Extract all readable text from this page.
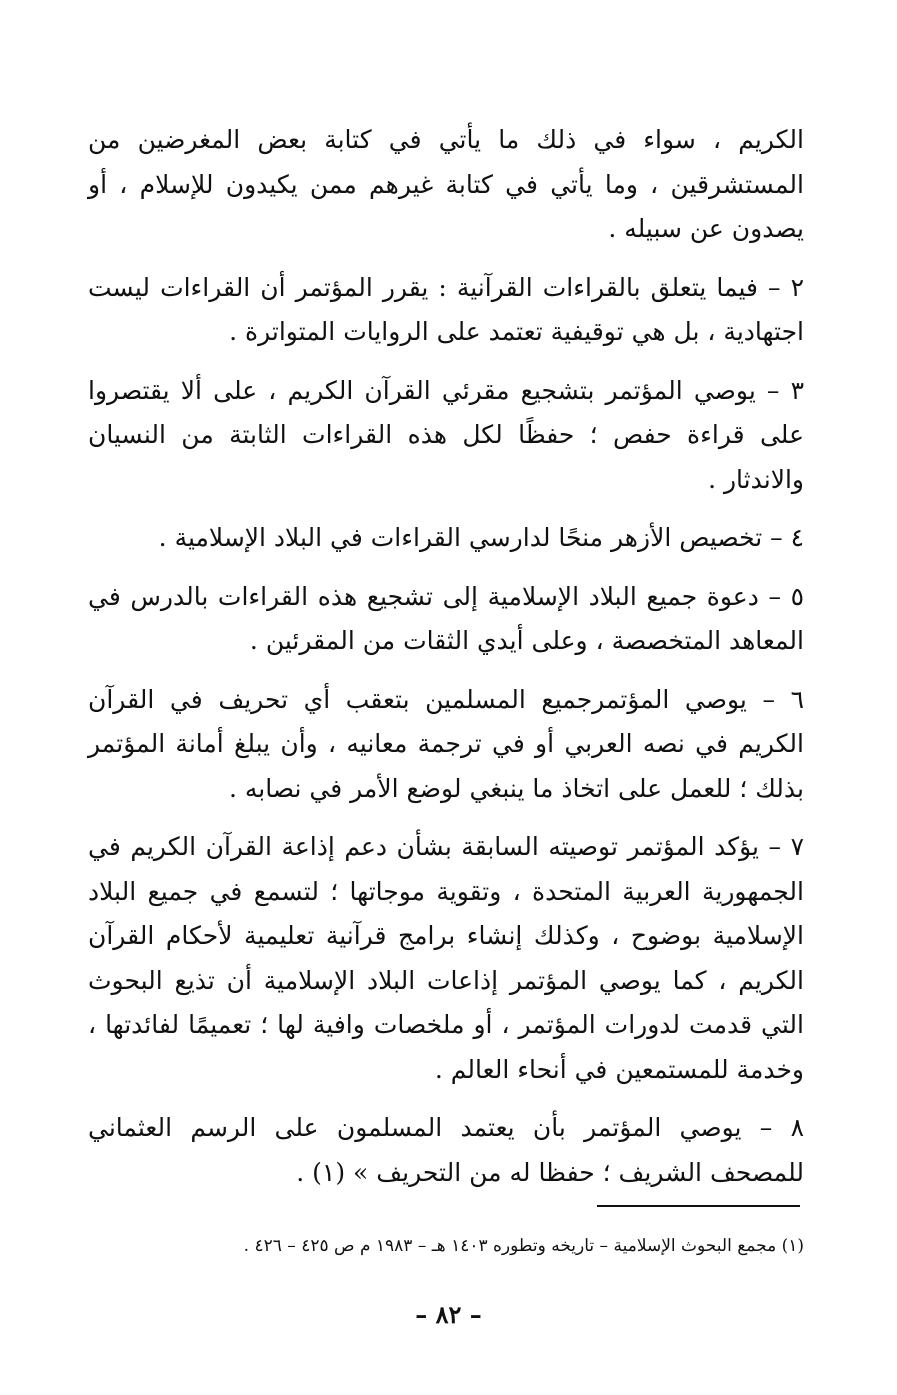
الكريم ، سواء في ذلك ما يأتي في كتابة بعض المغرضين من المستشرقين ، وما يأتي في كتابة غيرهم ممن يكيدون للإسلام ، أو يصدون عن سبيله .

٢ – فيما يتعلق بالقراءات القرآنية : يقرر المؤتمر أن القراءات ليست اجتهادية ، بل هي توقيفية تعتمد على الروايات المتواترة .

٣ – يوصي المؤتمر بتشجيع مقرئي القرآن الكريم ، على ألا يقتصروا على قراءة حفص ؛ حفظًا لكل هذه القراءات الثابتة من النسيان والاندثار .

٤ – تخصيص الأزهر منحًا لدارسي القراءات في البلاد الإسلامية .

٥ – دعوة جميع البلاد الإسلامية إلى تشجيع هذه القراءات بالدرس في المعاهد المتخصصة ، وعلى أيدي الثقات من المقرئين .

٦ – يوصي المؤتمرجميع المسلمين بتعقب أي تحريف في القرآن الكريم في نصه العربي أو في ترجمة معانيه ، وأن يبلغ أمانة المؤتمر بذلك ؛ للعمل على اتخاذ ما ينبغي لوضع الأمر في نصابه .

٧ – يؤكد المؤتمر توصيته السابقة بشأن دعم إذاعة القرآن الكريم في الجمهورية العربية المتحدة ، وتقوية موجاتها ؛ لتسمع في جميع البلاد الإسلامية بوضوح ، وكذلك إنشاء برامج قرآنية تعليمية لأحكام القرآن الكريم ، كما يوصي المؤتمر إذاعات البلاد الإسلامية أن تذيع البحوث التي قدمت لدورات المؤتمر ، أو ملخصات وافية لها ؛ تعميمًا لفائدتها ، وخدمة للمستمعين في أنحاء العالم .

٨ – يوصي المؤتمر بأن يعتمد المسلمون على الرسم العثماني للمصحف الشريف ؛ حفظا له من التحريف » (١) .

(١) مجمع البحوث الإسلامية – تاريخه وتطوره ١٤٠٣ هـ – ١٩٨٣ م ص ٤٢٥ – ٤٢٦ .
– ٨٢ –
